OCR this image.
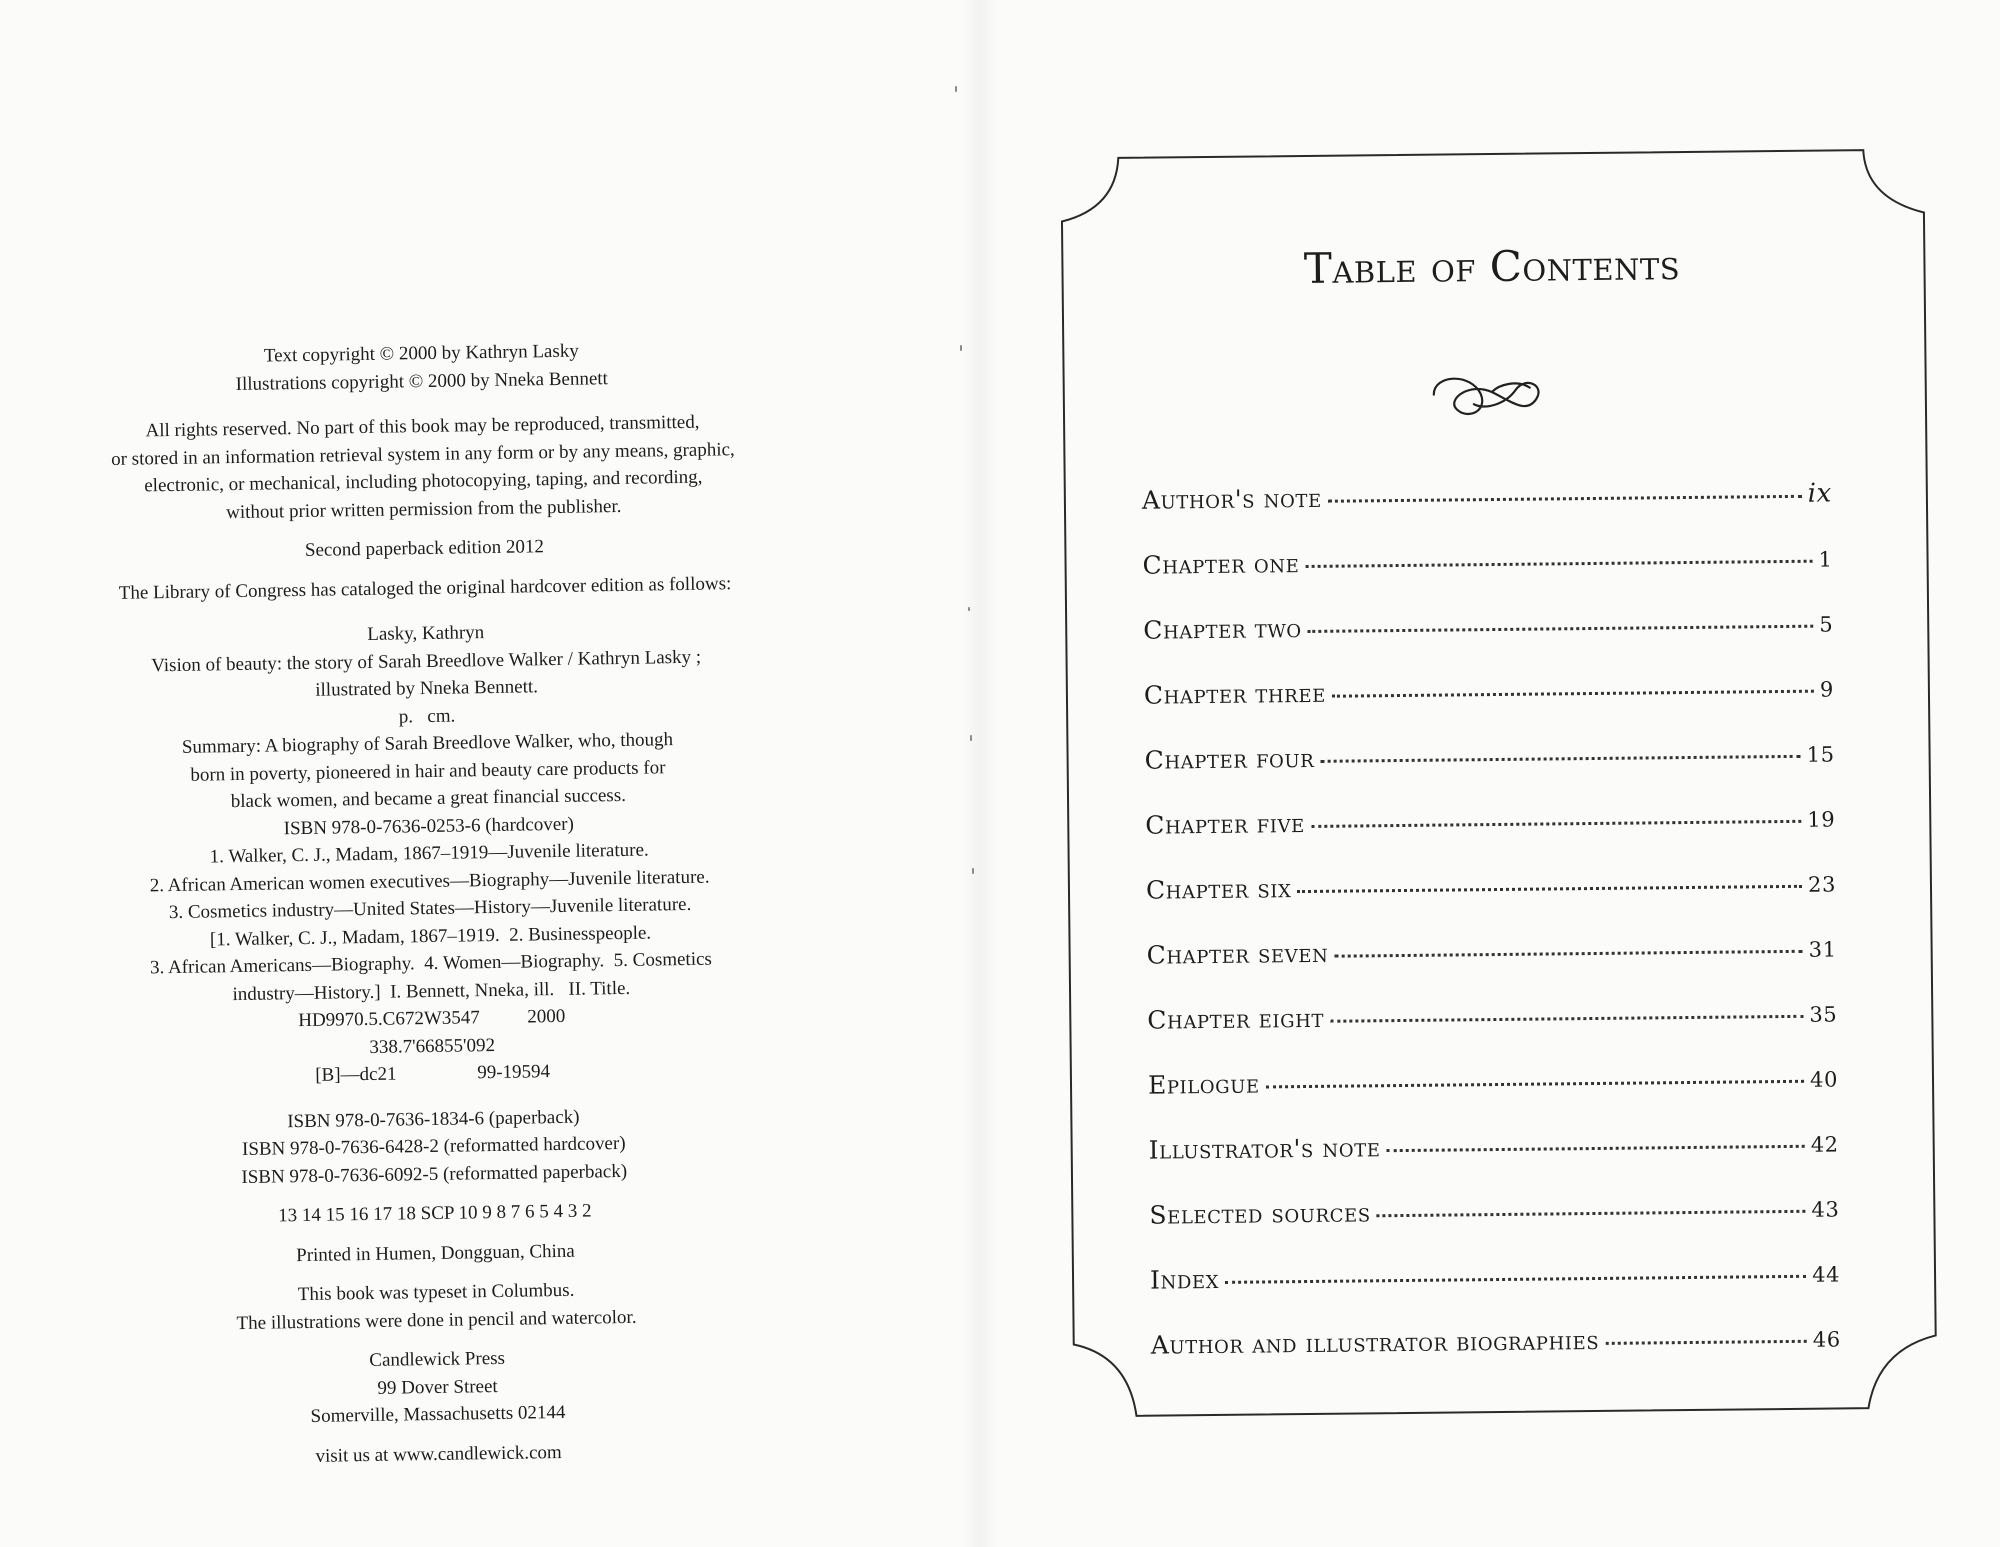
Text copyright © 2000 by Kathryn Lasky
Illustrations copyright © 2000 by Nneka Bennett
All rights reserved. No part of this book may be reproduced, transmitted,
or stored in an information retrieval system in any form or by any means, graphic,
electronic, or mechanical, including photocopying, taping, and recording,
without prior written permission from the publisher.
Second paperback edition 2012
The Library of Congress has cataloged the original hardcover edition as follows:
Lasky, Kathryn
Vision of beauty: the story of Sarah Breedlove Walker / Kathryn Lasky ;
illustrated by Nneka Bennett.
p.   cm.
Summary: A biography of Sarah Breedlove Walker, who, though
born in poverty, pioneered in hair and beauty care products for
black women, and became a great financial success.
ISBN 978-0-7636-0253-6 (hardcover)
1. Walker, C. J., Madam, 1867–1919—Juvenile literature.
2. African American women executives—Biography—Juvenile literature.
3. Cosmetics industry—United States—History—Juvenile literature.
[1. Walker, C. J., Madam, 1867–1919.  2. Businesspeople.
3. African Americans—Biography.  4. Women—Biography.  5. Cosmetics
industry—History.]  I. Bennett, Nneka, ill.   II. Title.
HD9970.5.C672W3547          2000
338.7'66855'092
[B]—dc21                 99-19594
ISBN 978-0-7636-1834-6 (paperback)
ISBN 978-0-7636-6428-2 (reformatted hardcover)
ISBN 978-0-7636-6092-5 (reformatted paperback)
13 14 15 16 17 18 SCP 10 9 8 7 6 5 4 3 2
Printed in Humen, Dongguan, China
This book was typeset in Columbus.
The illustrations were done in pencil and watercolor.
Candlewick Press
99 Dover Street
Somerville, Massachusetts 02144
visit us at www.candlewick.com
Table of Contents
Author's note	ix
Chapter one	1
Chapter two	5
Chapter three	9
Chapter four	15
Chapter five	19
Chapter six	23
Chapter seven	31
Chapter eight	35
Epilogue	40
Illustrator's note	42
Selected sources	43
Index	44
Author and illustrator biographies	46
